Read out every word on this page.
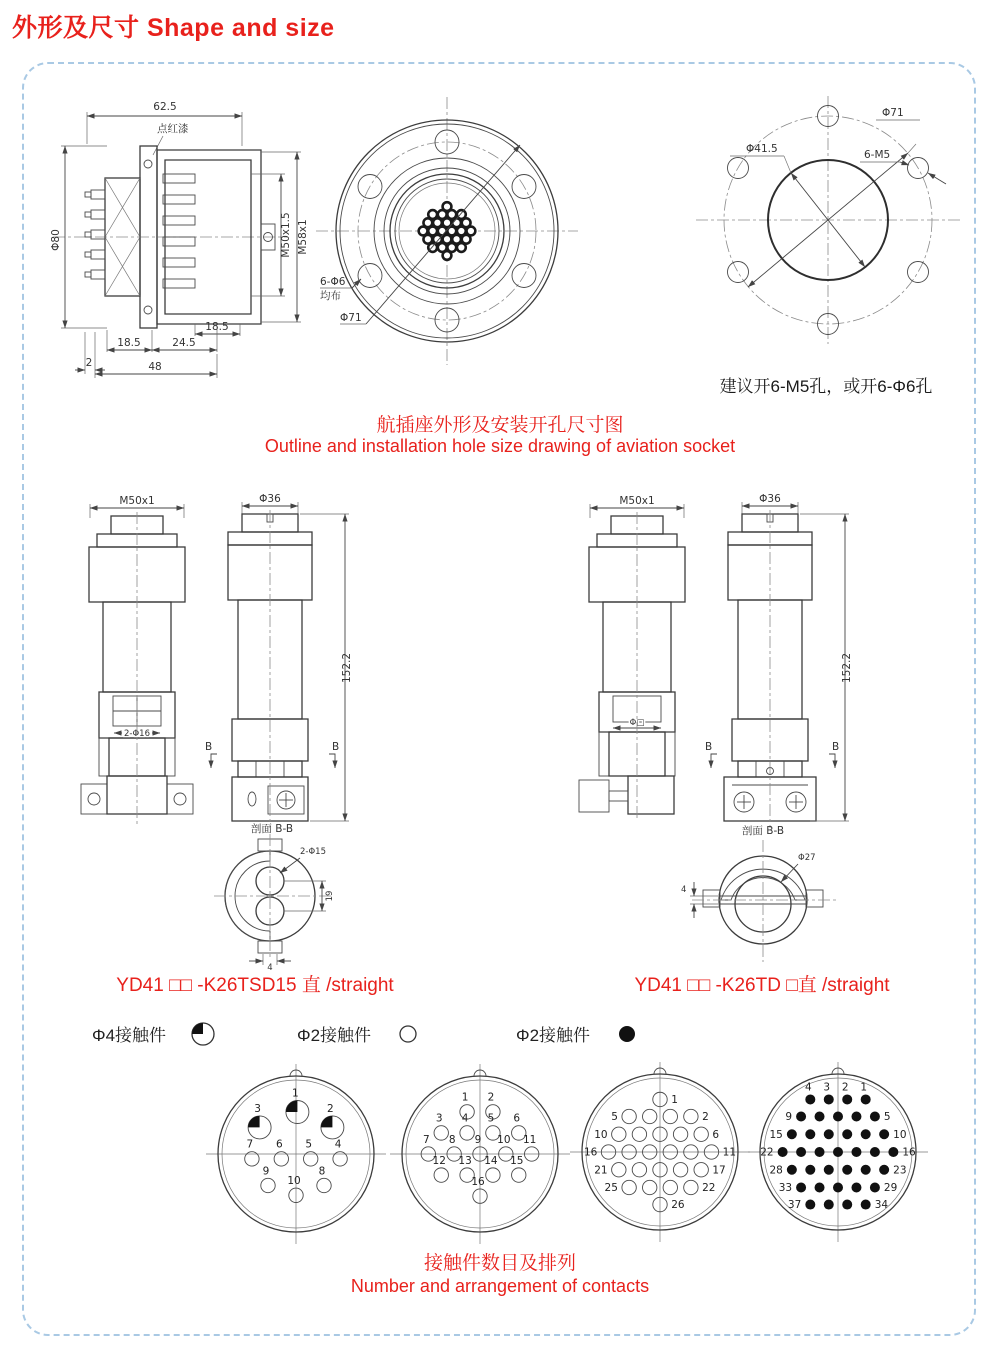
外形及尺寸 Shape and size
62.5
点红漆
Φ80	M50x1.5 M58x1
18.5
18.5	24.5
2	48
6-Φ6
均布
Φ71
Φ41.5
Φ71
6-M5
建议开6-M5孔，或开6-Φ6孔
航插座外形及安装开孔尺寸图
Outline and installation hole size drawing of aviation socket
M50x1
2-Φ16
Φ36
B	B
152.2
剖面 B-B
2-Φ15
19
4
M50x1
Φ□
Φ36
B	B
152.2
剖面 B-B
Φ27
4
YD41 □□ -K26TSD15 直 /straight	YD41 □□ -K26TD □直 /straight
Φ4接触件	Φ2接触件	Φ2接触件
1
3	2
7 6 5 4
9
10
8
1 2
3 4 5 6
7 8 9 10 11
12 13 14 15
16
1
5	2
10	6
16	11
21	17
25	22
26
4 3 2 1
9	5
15	10
22	16
28	23
33	29
37	34
接触件数目及排列
Number and arrangement of contacts
